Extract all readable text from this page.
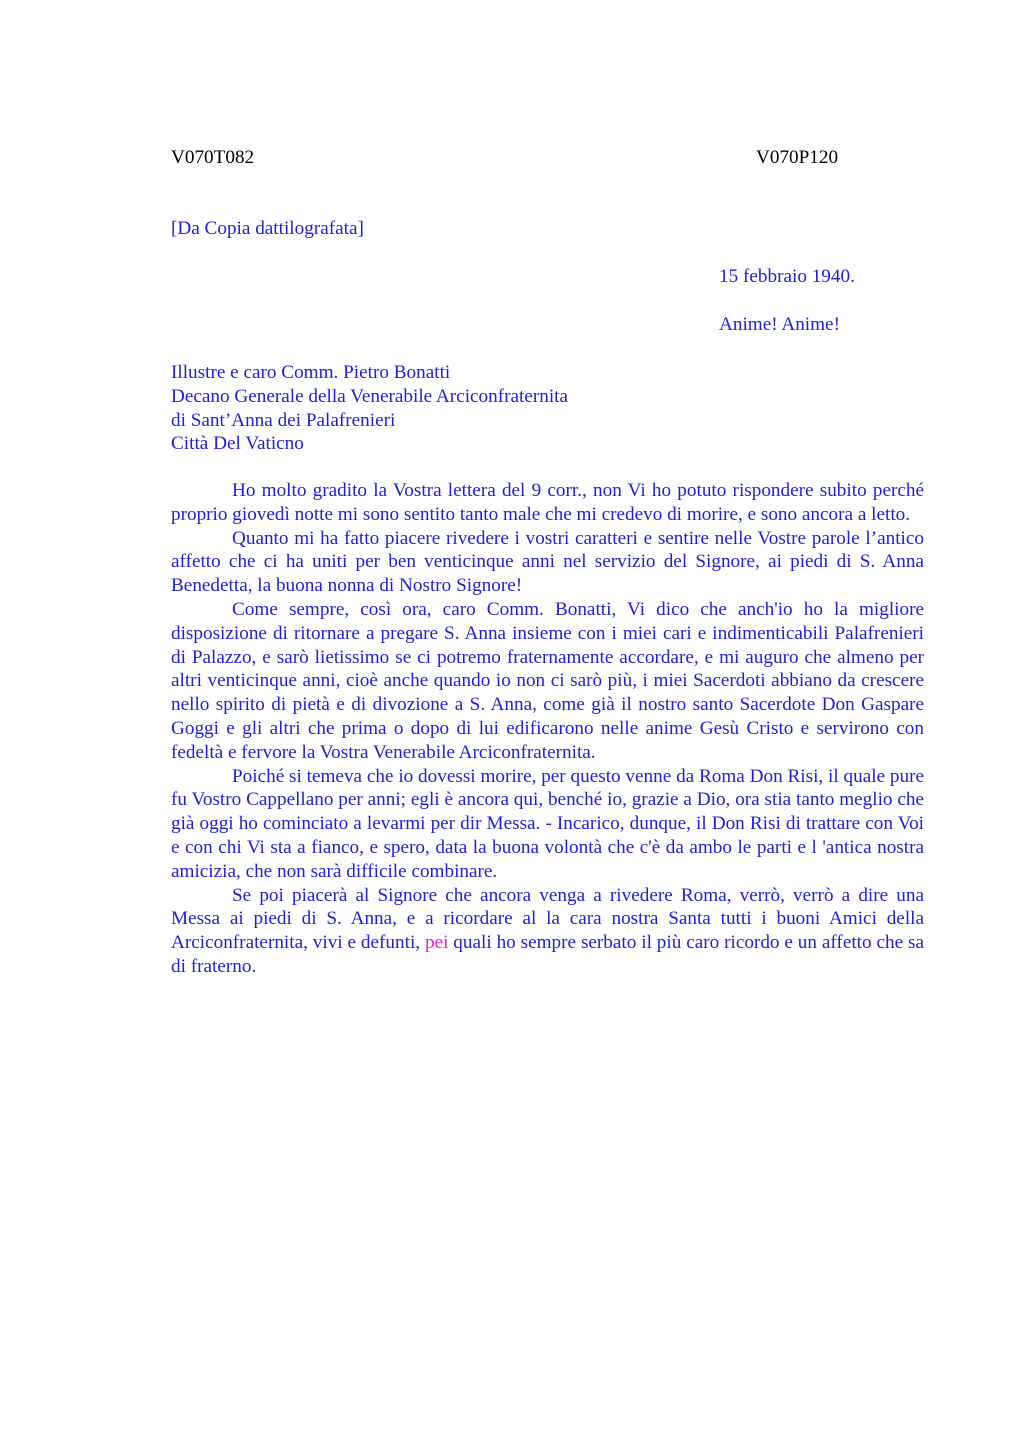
V070T082	V070P120
[Da Copia dattilografata]
15 febbraio 1940.
Anime! Anime!
Illustre e caro Comm. Pietro Bonatti
Decano Generale della Venerabile Arciconfraternita
di Sant’Anna dei Palafrenieri
Città Del Vaticno

Ho molto gradito la Vostra lettera del 9 corr., non Vi ho potuto rispondere subito perché proprio giovedì notte mi sono sentito tanto male che mi credevo di morire, e sono ancora a letto.

Quanto mi ha fatto piacere rivedere i vostri caratteri e sentire nelle Vostre parole l’antico affetto che ci ha uniti per ben venticinque anni nel servizio del Signore, ai piedi di S. Anna Benedetta, la buona nonna di Nostro Signore!

Come sempre, così ora, caro Comm. Bonatti, Vi dico che anch'io ho la migliore disposizione di ritornare a pregare S. Anna insieme con i miei cari e indimenticabili Palafrenieri di Palazzo, e sarò lietissimo se ci potremo fraternamente accordare, e mi auguro che almeno per altri venticinque anni, cioè anche quando io non ci sarò più, i miei Sacerdoti abbiano da crescere nello spirito di pietà e di divozione a S. Anna, come già il nostro santo Sacerdote Don Gaspare Goggi e gli altri che prima o dopo di lui edificarono nelle anime Gesù Cristo e servirono con fedeltà e fervore la Vostra Venerabile Arciconfraternita.

Poiché si temeva che io dovessi morire, per questo venne da Roma Don Risi, il quale pure fu Vostro Cappellano per anni; egli è ancora qui, benché io, grazie a Dio, ora stia tanto meglio che già oggi ho cominciato a levarmi per dir Messa. - Incarico, dunque, il Don Risi di trattare con Voi e con chi Vi sta a fianco, e spero, data la buona volontà che c'è da ambo le parti e l 'antica nostra amicizia, che non sarà difficile combinare.

Se poi piacerà al Signore che ancora venga a rivedere Roma, verrò, verrò a dire una Messa ai piedi di S. Anna, e a ricordare al la cara nostra Santa tutti i buoni Amici della Arciconfraternita, vivi e defunti, pei quali ho sempre serbato il più caro ricordo e un affetto che sa di fraterno.
